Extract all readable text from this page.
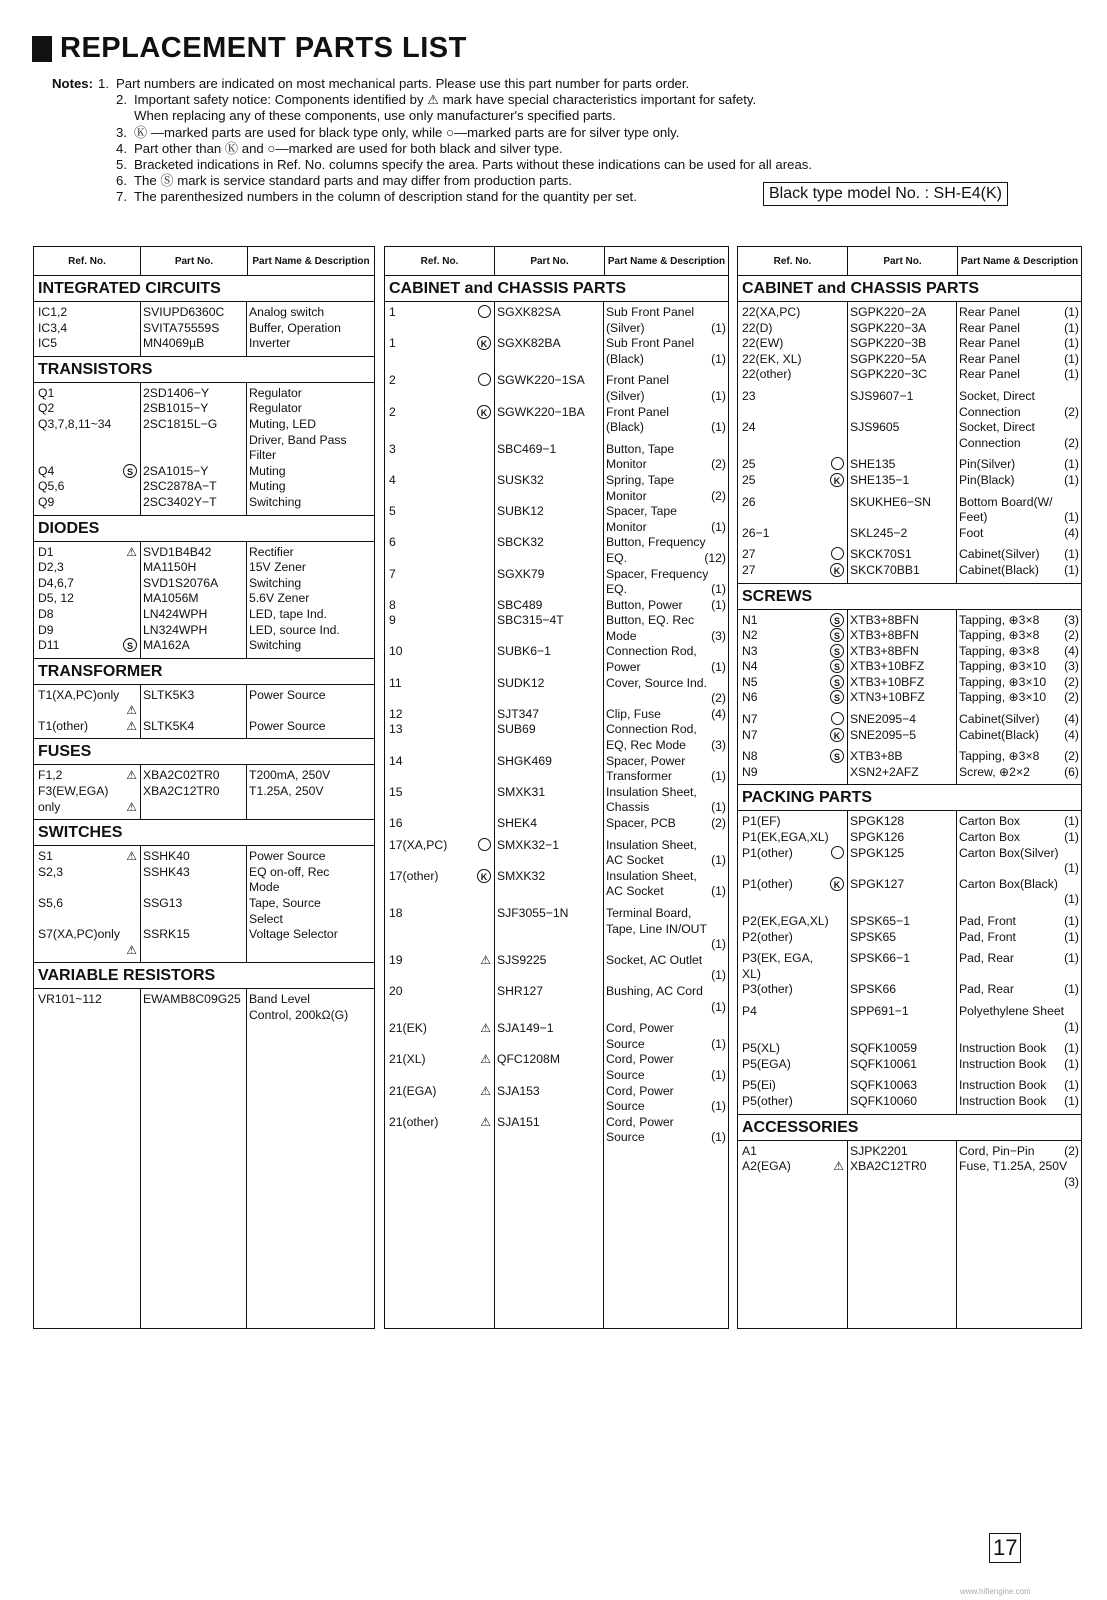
REPLACEMENT PARTS LIST
Notes: 1. Part numbers are indicated on most mechanical parts. Please use this part number for parts order.
2. Important safety notice: Components identified by ⚠ mark have special characteristics important for safety.
When replacing any of these components, use only manufacturer's specified parts.
3. Ⓚ —marked parts are used for black type only, while ○—marked parts are for silver type only.
4. Part other than Ⓚ and ○—marked are used for both black and silver type.
5. Bracketed indications in Ref. No. columns specify the area. Parts without these indications can be used for all areas.
6. The Ⓢ mark is service standard parts and may differ from production parts.
7. The parenthesized numbers in the column of description stand for the quantity per set.	Black type model No. : SH-E4(K)
Ref. No.	Part No.	Part Name & Description
INTEGRATED CIRCUITS
IC1,2	SVIUPD6360C	Analog switch
IC3,4	SVITA75559S	Buffer, Operation
IC5	MN4069µB	Inverter
TRANSISTORS
Q1	2SD1406−Y	Regulator
Q2	2SB1015−Y	Regulator
Q3,7,8,11~34	2SC1815L−G	Muting, LED
Driver, Band Pass
Filter
Q4	S 2SA1015−Y	Muting
Q5,6	2SC2878A−T	Muting
Q9	2SC3402Y−T	Switching
DIODES
D1	⚠ SVD1B4B42	Rectifier
D2,3	MA1150H	15V Zener
D4,6,7	SVD1S2076A	Switching
D5, 12	MA1056M	5.6V Zener
D8	LN424WPH	LED, tape Ind.
D9	LN324WPH	LED, source Ind.
D11	S MA162A	Switching
TRANSFORMER
T1(XA,PC)only SLTK5K3	Power Source
⚠
T1(other)	⚠ SLTK5K4	Power Source
FUSES
F1,2	⚠ XBA2C02TR0	T200mA, 250V
F3(EW,EGA)	XBA2C12TR0	T1.25A, 250V
only	⚠
SWITCHES
S1	⚠ SSHK40	Power Source
S2,3	SSHK43	EQ on-off, Rec
Mode
S5,6	SSG13	Tape, Source
Select
S7(XA,PC)only SSRK15	Voltage Selector
⚠
VARIABLE RESISTORS
VR101~112	EWAMB8C09G25 Band Level
Control, 200kΩ(G)
Ref. No.	Part No.	Part Name & Description
CABINET and CHASSIS PARTS
1	SGXK82SA	Sub Front Panel
(Silver)	(1)
1	K SGXK82BA	Sub Front Panel
(Black)	(1)
2	SGWK220−1SA	Front Panel
(Silver)	(1)
2	K SGWK220−1BA	Front Panel
(Black)	(1)
3	SBC469−1	Button, Tape
Monitor	(2)
4	SUSK32	Spring, Tape
Monitor	(2)
5	SUBK12	Spacer, Tape
Monitor	(1)
6	SBCK32	Button, Frequency
EQ.	(12)
7	SGXK79	Spacer, Frequency
EQ.	(1)
8	SBC489	Button, Power (1)
9	SBC315−4T	Button, EQ. Rec
Mode	(3)
10	SUBK6−1	Connection Rod,
Power	(1)
11	SUDK12	Cover, Source Ind.
(2)
12	SJT347	Clip, Fuse	(4)
13	SUB69	Connection Rod,
EQ, Rec Mode (3)
14	SHGK469	Spacer, Power
Transformer	(1)
15	SMXK31	Insulation Sheet,
Chassis	(1)
16	SHEK4	Spacer, PCB	(2)
17(XA,PC)	SMXK32−1	Insulation Sheet,
AC Socket	(1)
17(other)	K SMXK32	Insulation Sheet,
AC Socket	(1)
18	SJF3055−1N	Terminal Board,
Tape, Line IN/OUT
(1)
19	⚠ SJS9225	Socket, AC Outlet
(1)
20	SHR127	Bushing, AC Cord
(1)
21(EK)	⚠ SJA149−1	Cord, Power
Source	(1)
21(XL)	⚠ QFC1208M	Cord, Power
Source	(1)
21(EGA)	⚠ SJA153	Cord, Power
Source	(1)
21(other)	⚠ SJA151	Cord, Power
Source	(1)
Ref. No.	Part No.	Part Name & Description
CABINET and CHASSIS PARTS
22(XA,PC)	SGPK220−2A	Rear Panel	(1)
22(D)	SGPK220−3A	Rear Panel	(1)
22(EW)	SGPK220−3B	Rear Panel	(1)
22(EK, XL)	SGPK220−5A	Rear Panel	(1)
22(other)	SGPK220−3C	Rear Panel	(1)
23	SJS9607−1	Socket, Direct
Connection	(2)
24	SJS9605	Socket, Direct
Connection	(2)
25	SHE135	Pin(Silver)	(1)
25	K SHE135−1	Pin(Black)	(1)
26	SKUKHE6−SN	Bottom Board(W/
Feet)	(1)
26−1	SKL245−2	Foot	(4)
27	SKCK70S1	Cabinet(Silver) (1)
27	K SKCK70BB1	Cabinet(Black) (1)
SCREWS
N1	S XTB3+8BFN	Tapping, ⊕3×8 (3)
N2	S XTB3+8BFN	Tapping, ⊕3×8 (2)
N3	S XTB3+8BFN	Tapping, ⊕3×8 (4)
N4	S XTB3+10BFZ	Tapping, ⊕3×10 (3)
N5	S XTB3+10BFZ	Tapping, ⊕3×10 (2)
N6	S XTN3+10BFZ	Tapping, ⊕3×10 (2)
N7	SNE2095−4	Cabinet(Silver) (4)
N7	K SNE2095−5	Cabinet(Black) (4)
N8	S XTB3+8B	Tapping, ⊕3×8 (2)
N9	XSN2+2AFZ	Screw, ⊕2×2	(6)
PACKING PARTS
P1(EF)	SPGK128	Carton Box	(1)
P1(EK,EGA,XL) SPGK126	Carton Box	(1)
P1(other)	SPGK125	Carton Box(Silver)
(1)
P1(other)	K SPGK127	Carton Box(Black)
(1)
P2(EK,EGA,XL) SPSK65−1	Pad, Front	(1)
P2(other)	SPSK65	Pad, Front	(1)
P3(EK, EGA,	SPSK66−1	Pad, Rear	(1)
XL)
P3(other)	SPSK66	Pad, Rear	(1)
P4	SPP691−1	Polyethylene Sheet
(1)
P5(XL)	SQFK10059	Instruction Book (1)
P5(EGA)	SQFK10061	Instruction Book (1)
P5(Ei)	SQFK10063	Instruction Book (1)
P5(other)	SQFK10060	Instruction Book (1)
ACCESSORIES
A1	SJPK2201	Cord, Pin−Pin (2)
A2(EGA)	⚠ XBA2C12TR0	Fuse, T1.25A, 250V
(3)
17
www.hifiengine.com
